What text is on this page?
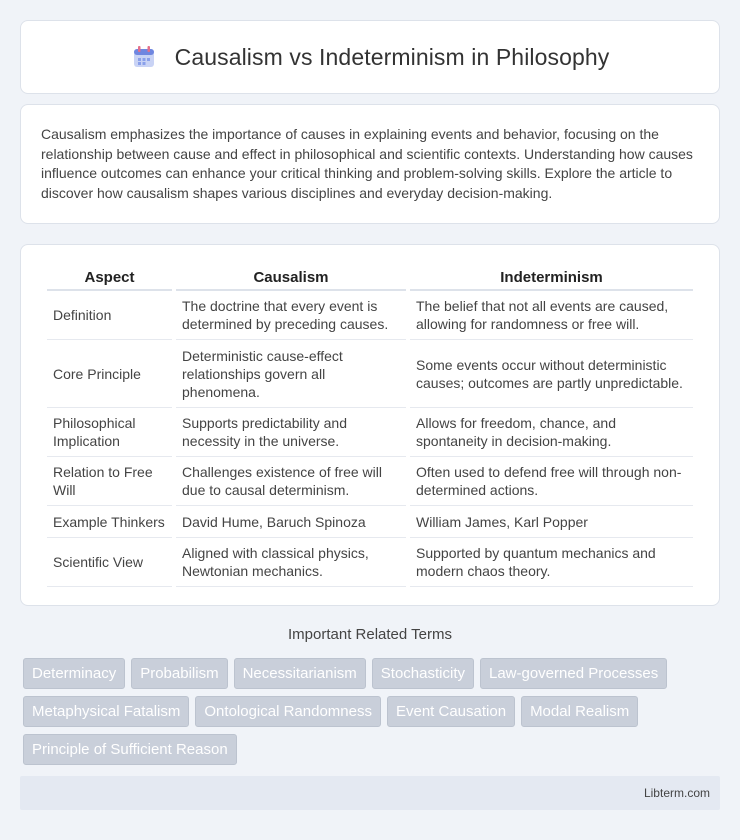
Causalism vs Indeterminism in Philosophy

Causalism emphasizes the importance of causes in explaining events and behavior, focusing on the relationship between cause and effect in philosophical and scientific contexts. Understanding how causes influence outcomes can enhance your critical thinking and problem-solving skills. Explore the article to discover how causalism shapes various disciplines and everyday decision-making.

Aspect	Causalism	Indeterminism
Definition	The doctrine that every event is determined by preceding causes.	The belief that not all events are caused, allowing for randomness or free will.
Core Principle	Deterministic cause-effect relationships govern all phenomena.	Some events occur without deterministic causes; outcomes are partly unpredictable.
Philosophical Implication	Supports predictability and necessity in the universe.	Allows for freedom, chance, and spontaneity in decision-making.
Relation to Free Will	Challenges existence of free will due to causal determinism.	Often used to defend free will through non-determined actions.
Example Thinkers	David Hume, Baruch Spinoza	William James, Karl Popper
Scientific View	Aligned with classical physics, Newtonian mechanics.	Supported by quantum mechanics and modern chaos theory.
Important Related Terms
Determinacy	Probabilism	Necessitarianism	Stochasticity	Law-governed Processes
Metaphysical Fatalism	Ontological Randomness	Event Causation	Modal Realism
Principle of Sufficient Reason
Libterm.com
